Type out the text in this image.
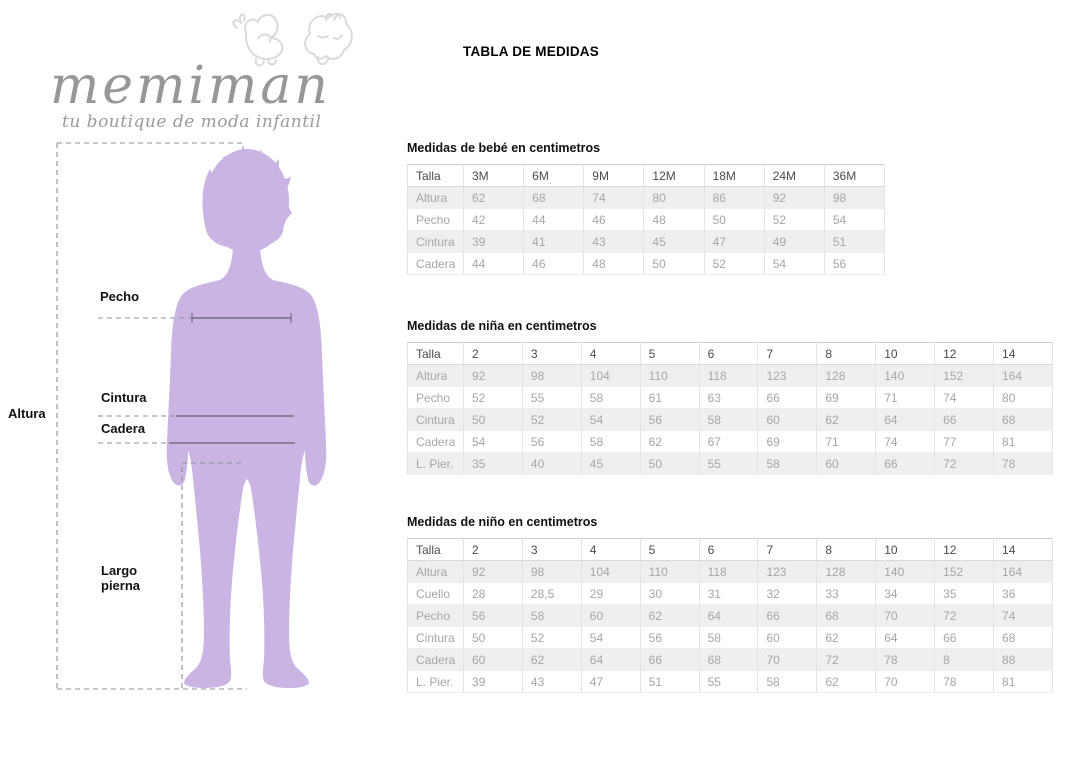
memiman
tu boutique de moda infantil
TABLA DE MEDIDAS
Altura
Pecho
Cintura
Cadera
Largo pierna
Medidas de bebé en centimetros
Talla	3M	6M	9M	12M	18M	24M	36M
Altura	62	68	74	80	86	92	98
Pecho	42	44	46	48	50	52	54
Cintura	39	41	43	45	47	49	51
Cadera	44	46	48	50	52	54	56
Medidas de niña en centimetros
Talla	2	3	4	5	6	7	8	10	12	14
Altura	92	98	104	110	118	123	128	140	152	164
Pecho	52	55	58	61	63	66	69	71	74	80
Cintura	50	52	54	56	58	60	62	64	66	68
Cadera	54	56	58	62	67	69	71	74	77	81
L. Pier.	35	40	45	50	55	58	60	66	72	78
Medidas de niño en centimetros
Talla	2	3	4	5	6	7	8	10	12	14
Altura	92	98	104	110	118	123	128	140	152	164
Cuello	28	28,5	29	30	31	32	33	34	35	36
Pecho	56	58	60	62	64	66	68	70	72	74
Cintura	50	52	54	56	58	60	62	64	66	68
Cadera	60	62	64	66	68	70	72	78	8	88
L. Pier.	39	43	47	51	55	58	62	70	78	81
